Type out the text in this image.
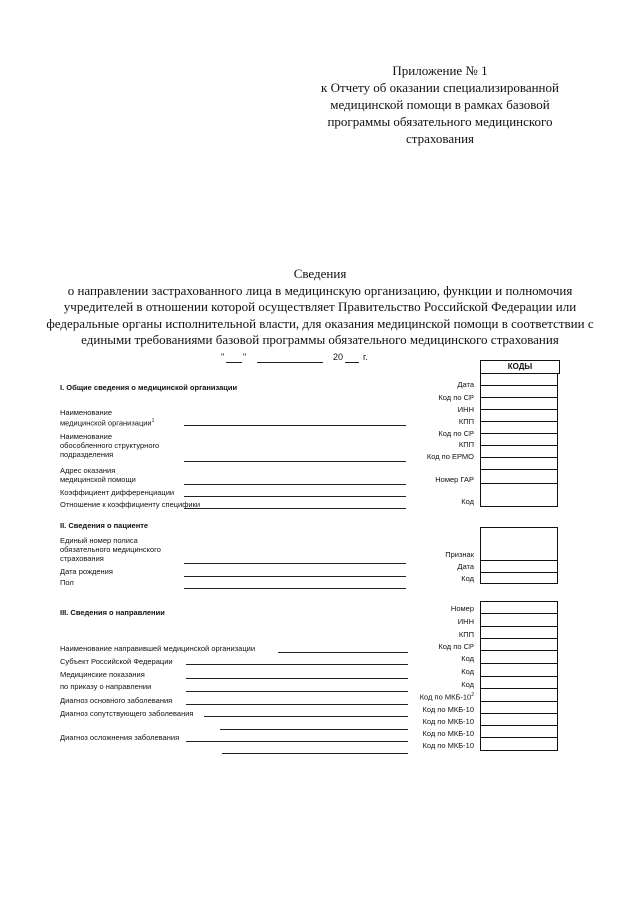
Приложение № 1
к Отчету об оказании специализированной
медицинской помощи в рамках базовой
программы обязательного медицинского
страхования
Сведения
о направлении застрахованного лица в медицинскую организацию, функции и полномочия
учредителей в отношении которой осуществляет Правительство Российской Федерации или
федеральные органы исполнительной власти, для оказания медицинской помощи в соответствии с
едиными требованиями базовой программы обязательного медицинского страхования
" "	20 г.
КОДЫ
I. Общие сведения о медицинской организации
Наименование
медицинской организации$^1$
Наименование
обособленного структурного
подразделения
Адрес оказания
медицинской помощи
Коэффициент дифференциации
Отношение к коэффициенту специфики
Дата
Код по СР
ИНН
КПП
Код по СР
КПП
Код по ЕРМО
Номер ГАР
Код
II. Сведения о пациенте
Единый номер полиса
обязательного медицинского
страхования
Дата рождения
Пол
Признак
Дата
Код
III. Сведения о направлении
Наименование направившей медицинской организации
Субъект Российской Федерации
Медицинские показания
по приказу о направлении
Диагноз основного заболевания
Диагноз сопутствующего заболевания
Диагноз осложнения заболевания
Номер
ИНН
КПП
Код по СР
Код
Код
Код
Код по МКБ-$10^2$
Код по МКБ-10
Код по МКБ-10
Код по МКБ-10
Код по МКБ-10
